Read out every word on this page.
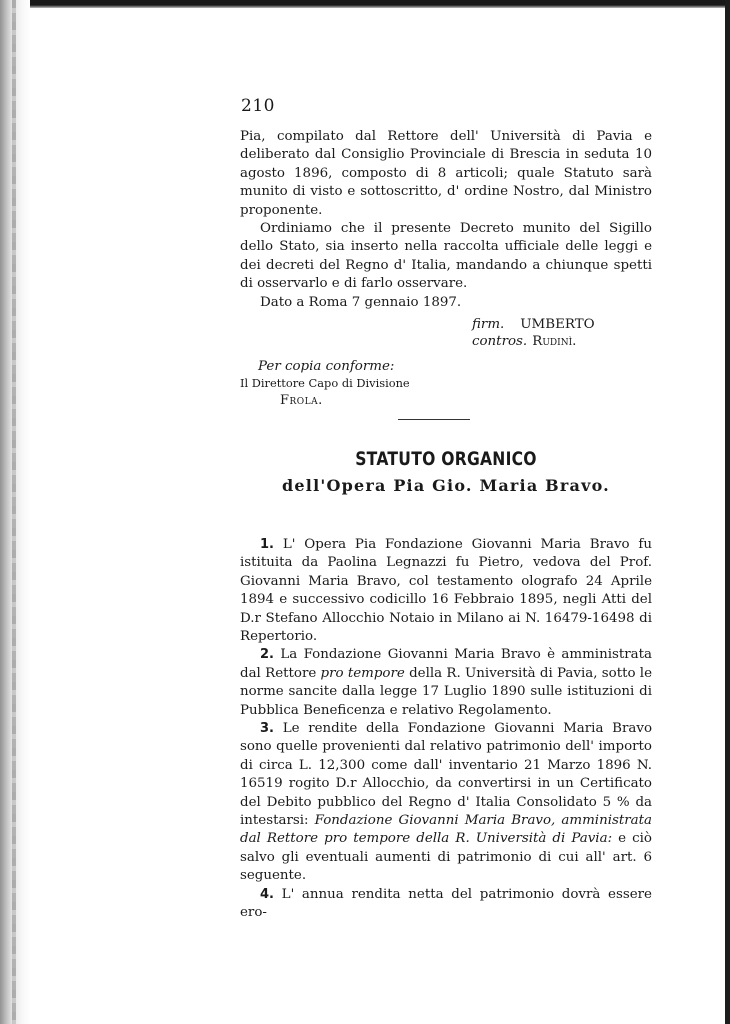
210

Pia, compilato dal Rettore dell' Università di Pavia e deliberato dal Consiglio Provinciale di Brescia in seduta 10 agosto 1896, composto di 8 articoli; quale Statuto sarà munito di visto e sottoscritto, d' ordine Nostro, dal Ministro proponente.

Ordiniamo che il presente Decreto munito del Sigillo dello Stato, sia inserto nella raccolta ufficiale delle leggi e dei decreti del Regno d' Italia, mandando a chiunque spetti di osservarlo e di farlo osservare.

Dato a Roma 7 gennaio 1897.

firm. UMBERTO
contros. Rudinì.
Per copia conforme:
Il Direttore Capo di Divisione
Frola.
STATUTO ORGANICO
dell'Opera Pia Gio. Maria Bravo.

1. L' Opera Pia Fondazione Giovanni Maria Bravo fu istituita da Paolina Legnazzi fu Pietro, vedova del Prof. Giovanni Maria Bravo, col testamento olografo 24 Aprile 1894 e successivo codicillo 16 Febbraio 1895, negli Atti del D.r Stefano Allocchio Notaio in Milano ai N. 16479-16498 di Repertorio.

2. La Fondazione Giovanni Maria Bravo è amministrata dal Rettore pro tempore della R. Università di Pavia, sotto le norme sancite dalla legge 17 Luglio 1890 sulle istituzioni di Pubblica Beneficenza e relativo Regolamento.

3. Le rendite della Fondazione Giovanni Maria Bravo sono quelle provenienti dal relativo patrimonio dell' importo di circa L. 12,300 come dall' inventario 21 Marzo 1896 N. 16519 rogito D.r Allocchio, da convertirsi in un Certificato del Debito pubblico del Regno d' Italia Consolidato 5 % da intestarsi: Fondazione Giovanni Maria Bravo, amministrata dal Rettore pro tempore della R. Università di Pavia: e ciò salvo gli eventuali aumenti di patrimonio di cui all' art. 6 seguente.

4. L' annua rendita netta del patrimonio dovrà essere ero-
